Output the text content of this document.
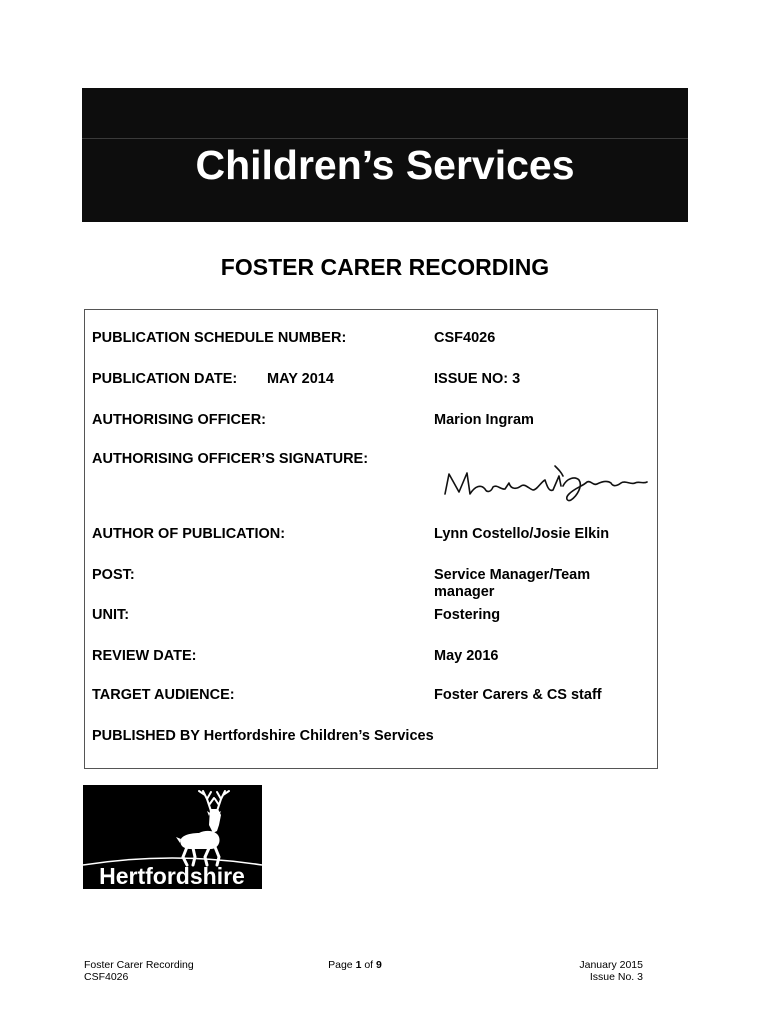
Children’s Services
FOSTER CARER RECORDING
PUBLICATION SCHEDULE NUMBER:	CSF4026
PUBLICATION DATE: MAY 2014	ISSUE NO: 3
AUTHORISING OFFICER:	Marion Ingram
AUTHORISING OFFICER’S SIGNATURE:
AUTHOR OF PUBLICATION:	Lynn Costello/Josie Elkin
POST:	Service Manager/Team manager
UNIT:	Fostering
REVIEW DATE:	May 2016
TARGET AUDIENCE:	Foster Carers & CS staff
PUBLISHED BY Hertfordshire Children’s Services
Hertfordshire
Foster Carer Recording
CSF4026
Page 1 of 9	January 2015
Issue No. 3
